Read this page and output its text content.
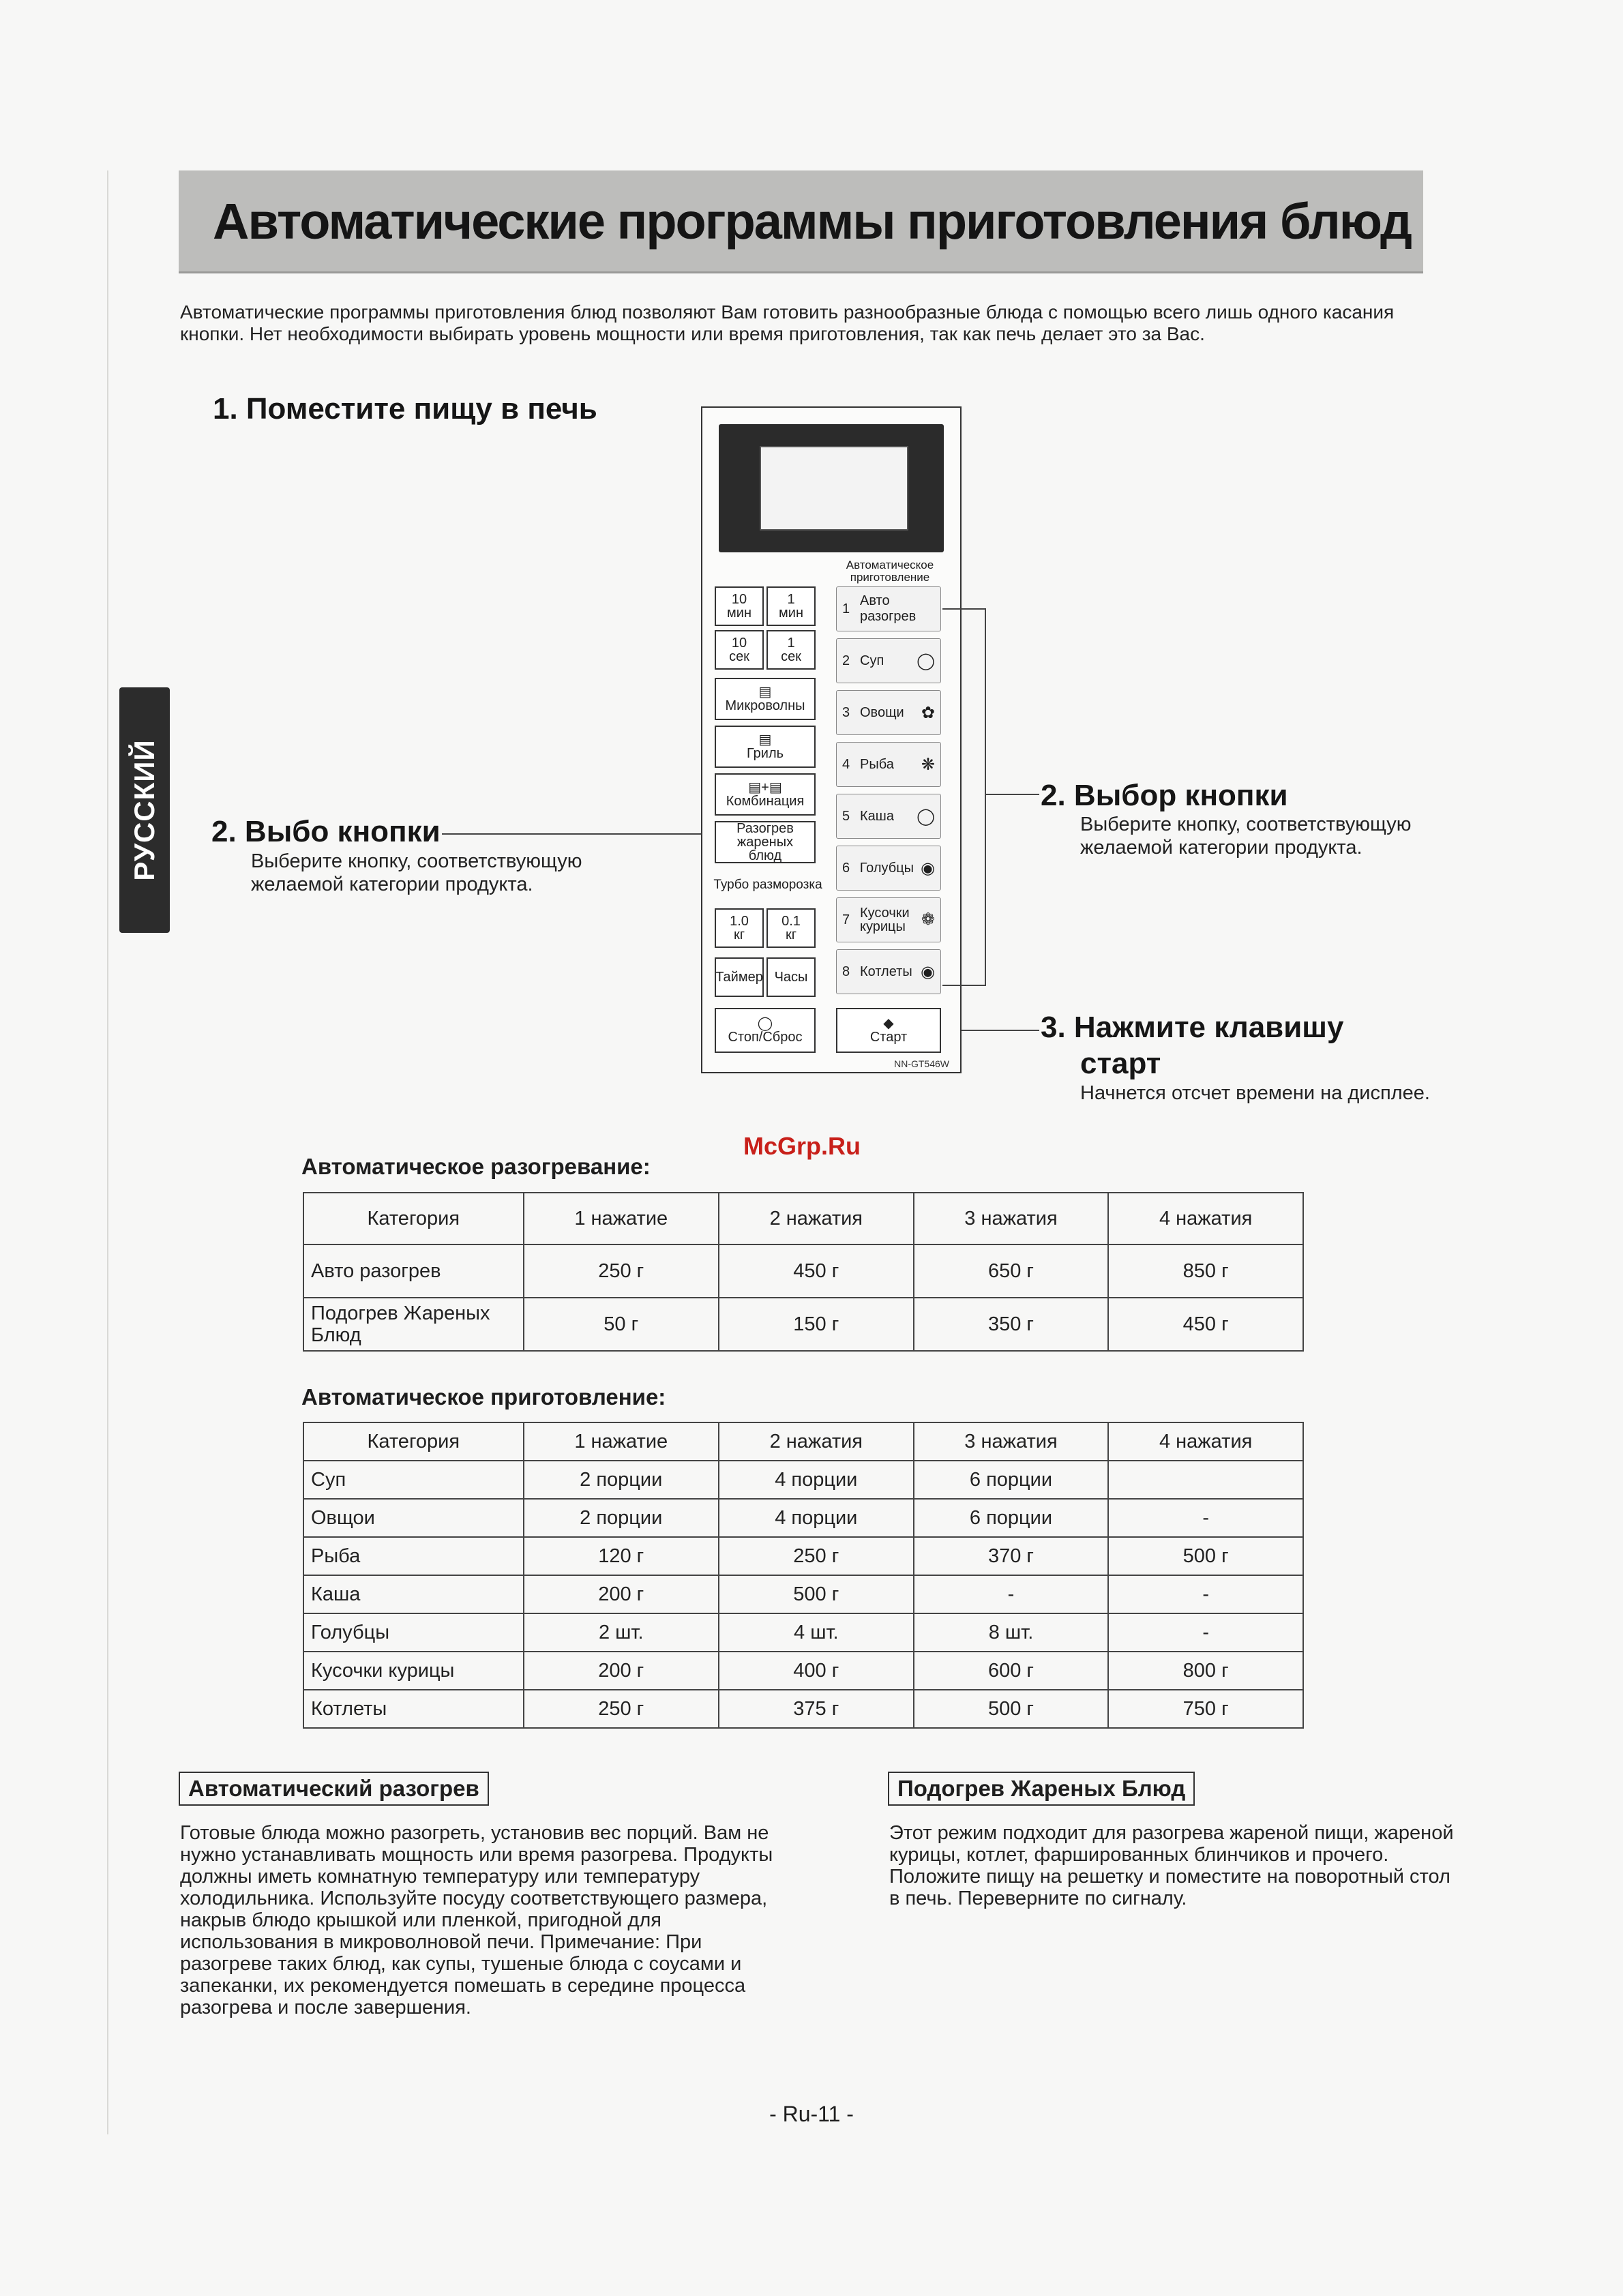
Автоматические программы приготовления блюд
Автоматические программы приготовления блюд позволяют Вам готовить разнообразные блюда с помощью всего лишь одного касания кнопки. Нет необходимости выбирать уровень мощности или время приготовления, так как печь делает это за Вас.
РУССКИЙ
1. Поместите пищу в печь
2. Выбо кнопки
Выберите кнопку, соответствующую желаемой категории продукта.
2. Выбор кнопки
Выберите кнопку, соответствующую желаемой категории продукта.
3. Нажмите клавишу
старт
Начнется отсчет времени на дисплее.
10
мин
1
мин
10
сек
1
сек
▤
Микроволны
▤
Гриль
▤+▤
Комбинация
Разогрев жареных блюд
Турбо разморозка
1.0
кг
0.1
кг
Таймер Часы
◯
Стоп/Сброс
◆
Старт
Автоматическое приготовление
1
Авто разогрев
2 Суп	◯
3 Овощи	✿
4 Рыба	❋
5 Каша	◯
6 Голубцы ◉
7 Кусочки курицы ❁
8 Котлеты ◉
NN-GT546W
McGrp.Ru
Автоматическое разогревание:
Категория	1 нажатие	2 нажатия	3 нажатия	4 нажатия
Авто разогрев	250 г	450 г	650 г	850 г
Подогрев Жареных Блюд	50 г	150 г	350 г	450 г
Автоматическое приготовление:
Категория	1 нажатие	2 нажатия	3 нажатия	4 нажатия
Суп	2 порции	4 порции	6 порции	
Овщои	2 порции	4 порции	6 порции	-
Рыба	120 г	250 г	370 г	500 г
Каша	200 г	500 г	-	-
Голубцы	2 шт.	4 шт.	8 шт.	-
Кусочки курицы	200 г	400 г	600 г	800 г
Котлеты	250 г	375 г	500 г	750 г
Автоматический разогрев
Готовые блюда можно разогреть, установив вес порций. Вам не нужно устанавливать мощность или время разогрева. Продукты должны иметь комнатную температуру или температуру холодильника. Используйте посуду соответствующего размера, накрыв блюдо крышкой или пленкой, пригодной для использования в микроволновой печи. Примечание: При разогреве таких блюд, как супы, тушеные блюда с соусами и запеканки, их рекомендуется помешать в середине процесса разогрева и после завершения.
Подогрев Жареных Блюд
Этот режим подходит для разогрева жареной пищи, жареной курицы, котлет, фаршированных блинчиков и прочего. Положите пищу на решетку и поместите на поворотный стол в печь. Переверните по сигналу.
- Ru-11 -
